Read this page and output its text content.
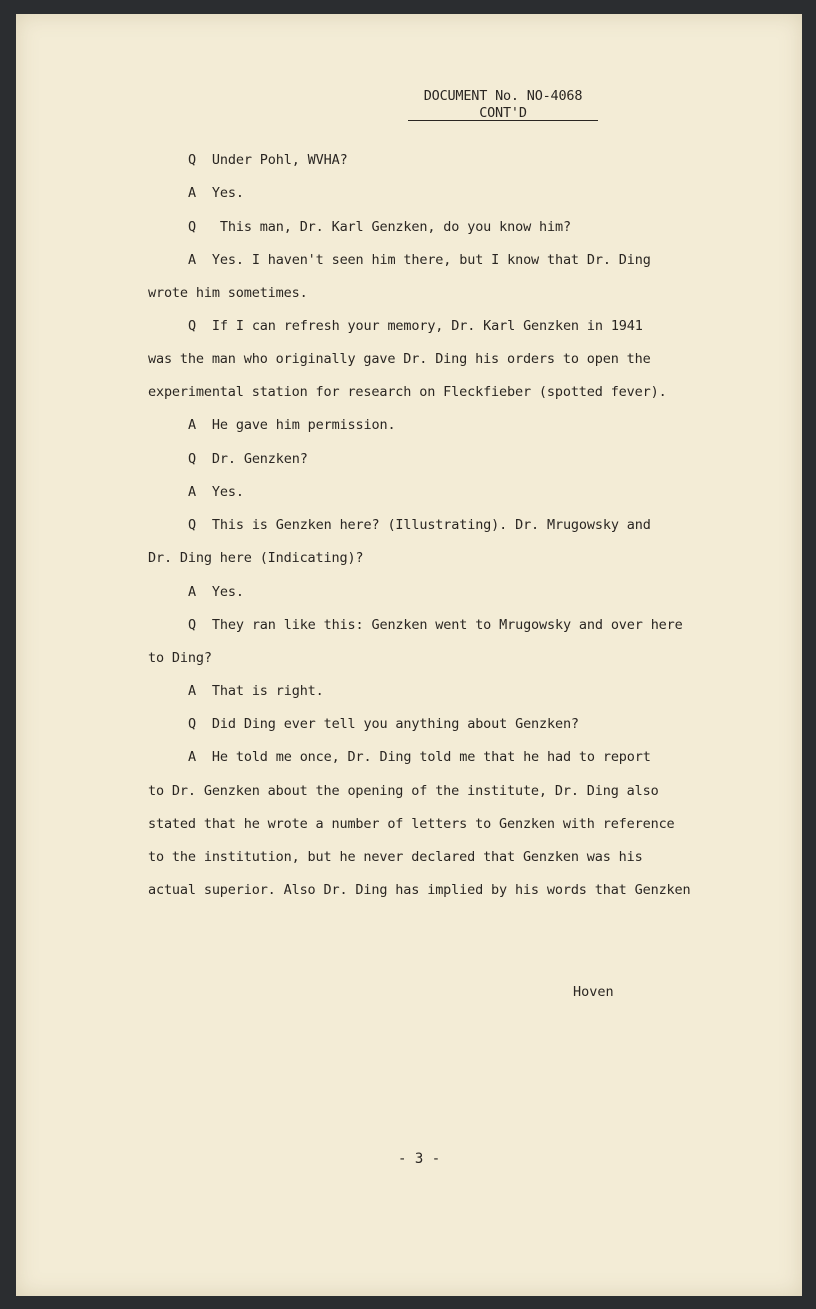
DOCUMENT No. NO-4068
CONT'D
Q  Under Pohl, WVHA?
A  Yes.
Q   This man, Dr. Karl Genzken, do you know him?
A  Yes. I haven't seen him there, but I know that Dr. Ding
wrote him sometimes.
Q  If I can refresh your memory, Dr. Karl Genzken in 1941
was the man who originally gave Dr. Ding his orders to open the
experimental station for research on Fleckfieber (spotted fever).
A  He gave him permission.
Q  Dr. Genzken?
A  Yes.
Q  This is Genzken here? (Illustrating). Dr. Mrugowsky and
Dr. Ding here (Indicating)?
A  Yes.
Q  They ran like this: Genzken went to Mrugowsky and over here
to Ding?
A  That is right.
Q  Did Ding ever tell you anything about Genzken?
A  He told me once, Dr. Ding told me that he had to report
to Dr. Genzken about the opening of the institute, Dr. Ding also
stated that he wrote a number of letters to Genzken with reference
to the institution, but he never declared that Genzken was his
actual superior. Also Dr. Ding has implied by his words that Genzken
Hoven
- 3 -
